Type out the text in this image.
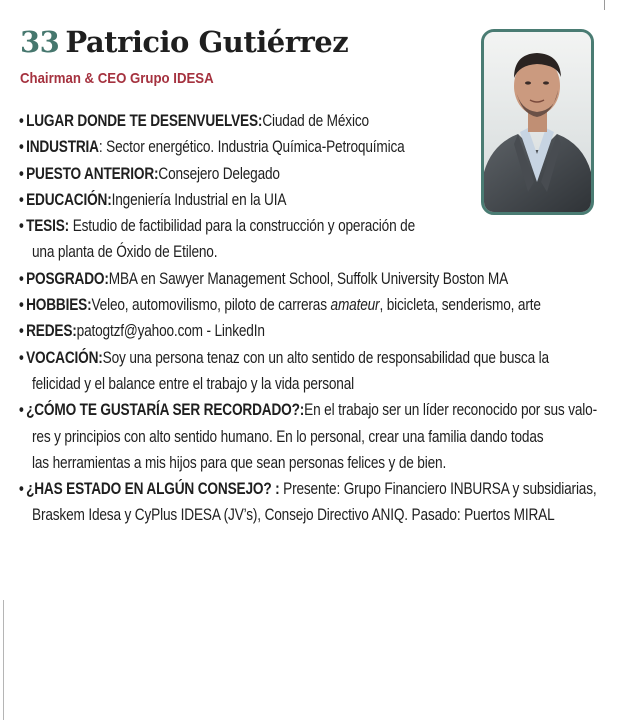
33 Patricio Gutiérrez
Chairman & CEO Grupo IDESA
• LUGAR DONDE TE DESENVUELVES:Ciudad de México
• INDUSTRIA: Sector energético. Industria Química-Petroquímica
• PUESTO ANTERIOR:Consejero Delegado
• EDUCACIÓN:Ingeniería Industrial en la UIA
• TESIS: Estudio de factibilidad para la construcción y operación de
una planta de Óxido de Etileno.
• POSGRADO:MBA en Sawyer Management School, Suffolk University Boston MA
• HOBBIES:Veleo, automovilismo, piloto de carreras amateur, bicicleta, senderismo, arte
• REDES:patogtzf@yahoo.com - LinkedIn
• VOCACIÓN:Soy una persona tenaz con un alto sentido de responsabilidad que busca la
felicidad y el balance entre el trabajo y la vida personal
• ¿CÓMO TE GUSTARÍA SER RECORDADO?:En el trabajo ser un líder reconocido por sus valo-
res y principios con alto sentido humano. En lo personal, crear una familia dando todas
las herramientas a mis hijos para que sean personas felices y de bien.
• ¿HAS ESTADO EN ALGÚN CONSEJO? : Presente: Grupo Financiero INBURSA y subsidiarias,
Braskem Idesa y CyPlus IDESA (JV’s), Consejo Directivo ANIQ. Pasado: Puertos MIRAL
